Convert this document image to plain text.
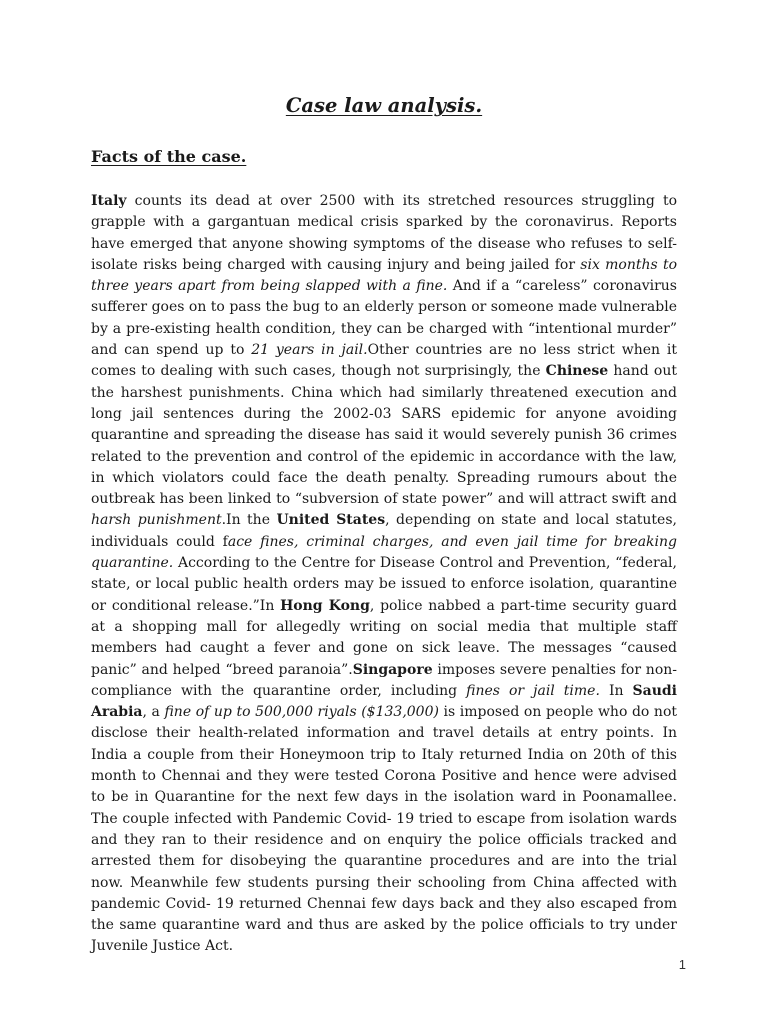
Case law analysis.
Facts of the case.

Italy counts its dead at over 2500 with its stretched resources struggling to grapple with a gargantuan medical crisis sparked by the coronavirus. Reports have emerged that anyone showing symptoms of the disease who refuses to self-isolate risks being charged with causing injury and being jailed for six months to three years apart from being slapped with a fine. And if a “careless” coronavirus sufferer goes on to pass the bug to an elderly person or someone made vulnerable by a pre-existing health condition, they can be charged with “intentional murder” and can spend up to 21 years in jail.Other countries are no less strict when it comes to dealing with such cases, though not surprisingly, the Chinese hand out the harshest punishments. China which had similarly threatened execution and long jail sentences during the 2002-03 SARS epidemic for anyone avoiding quarantine and spreading the disease has said it would severely punish 36 crimes related to the prevention and control of the epidemic in accordance with the law, in which violators could face the death penalty. Spreading rumours about the outbreak has been linked to “subversion of state power” and will attract swift and harsh punishment.In the United States, depending on state and local statutes, individuals could face fines, criminal charges, and even jail time for breaking quarantine. According to the Centre for Disease Control and Prevention, “federal, state, or local public health orders may be issued to enforce isolation, quarantine or conditional release.”In Hong Kong, police nabbed a part-time security guard at a shopping mall for allegedly writing on social media that multiple staff members had caught a fever and gone on sick leave. The messages “caused panic” and helped “breed paranoia”.Singapore imposes severe penalties for non-compliance with the quarantine order, including fines or jail time. In Saudi Arabia, a fine of up to 500,000 riyals ($133,000) is imposed on people who do not disclose their health-related information and travel details at entry points. In India a couple from their Honeymoon trip to Italy returned India on 20th of this month to Chennai and they were tested Corona Positive and hence were advised to be in Quarantine for the next few days in the isolation ward in Poonamallee. The couple infected with Pandemic Covid- 19 tried to escape from isolation wards and they ran to their residence and on enquiry the police officials tracked and arrested them for disobeying the quarantine procedures and are into the trial now. Meanwhile few students pursing their schooling from China affected with pandemic Covid- 19 returned Chennai few days back and they also escaped from the same quarantine ward and thus are asked by the police officials to try under Juvenile Justice Act.

1
